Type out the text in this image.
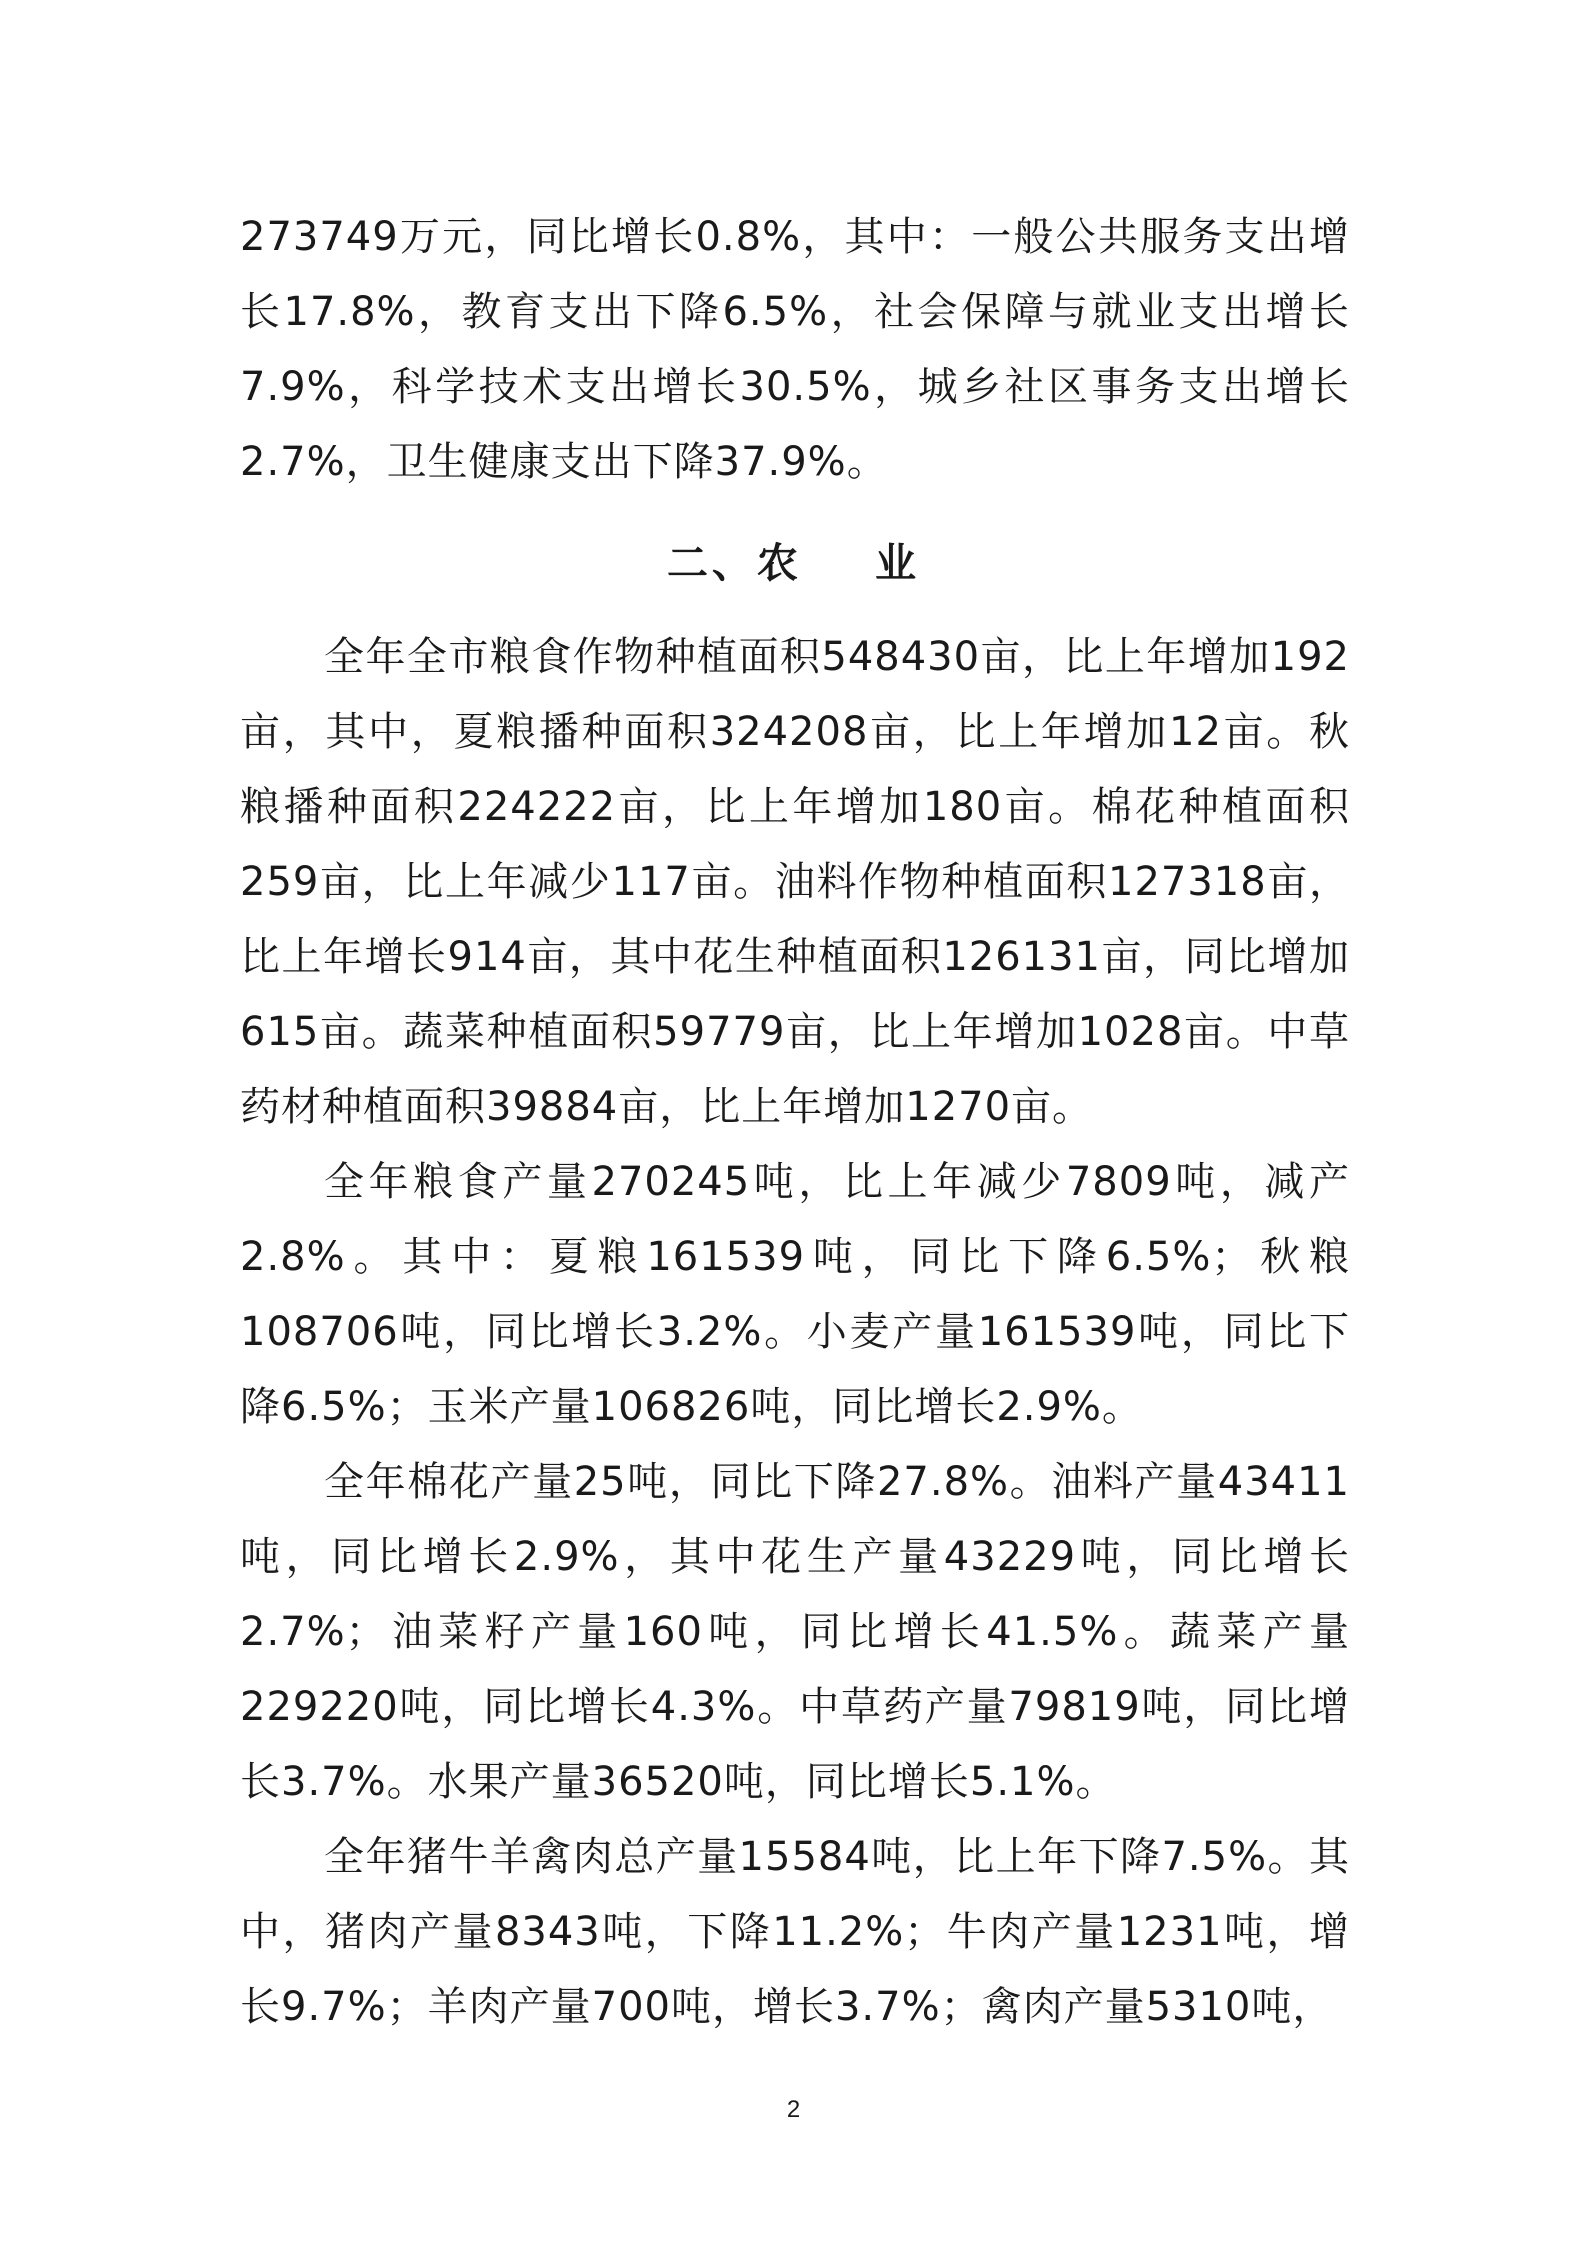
273749万元，同比增长0.8%，其中：一般公共服务支出增长17.8%，教育支出下降6.5%，社会保障与就业支出增长7.9%，科学技术支出增长30.5%，城乡社区事务支出增长2.7%，卫生健康支出下降37.9%。

二、农    业

全年全市粮食作物种植面积548430亩，比上年增加192亩，其中，夏粮播种面积324208亩，比上年增加12亩。秋粮播种面积224222亩，比上年增加180亩。棉花种植面积259亩，比上年减少117亩。油料作物种植面积127318亩，比上年增长914亩，其中花生种植面积126131亩，同比增加615亩。蔬菜种植面积59779亩，比上年增加1028亩。中草药材种植面积39884亩，比上年增加1270亩。

全年粮食产量270245吨，比上年减少7809吨，减产2.8%。其中：夏粮161539吨，同比下降6.5%；秋粮108706吨，同比增长3.2%。小麦产量161539吨，同比下降6.5%；玉米产量106826吨，同比增长2.9%。

全年棉花产量25吨，同比下降27.8%。油料产量43411吨，同比增长2.9%，其中花生产量43229吨，同比增长2.7%；油菜籽产量160吨，同比增长41.5%。蔬菜产量229220吨，同比增长4.3%。中草药产量79819吨，同比增长3.7%。水果产量36520吨，同比增长5.1%。

全年猪牛羊禽肉总产量15584吨，比上年下降7.5%。其中，猪肉产量8343吨，下降11.2%；牛肉产量1231吨，增长9.7%；羊肉产量700吨，增长3.7%；禽肉产量5310吨，

2
